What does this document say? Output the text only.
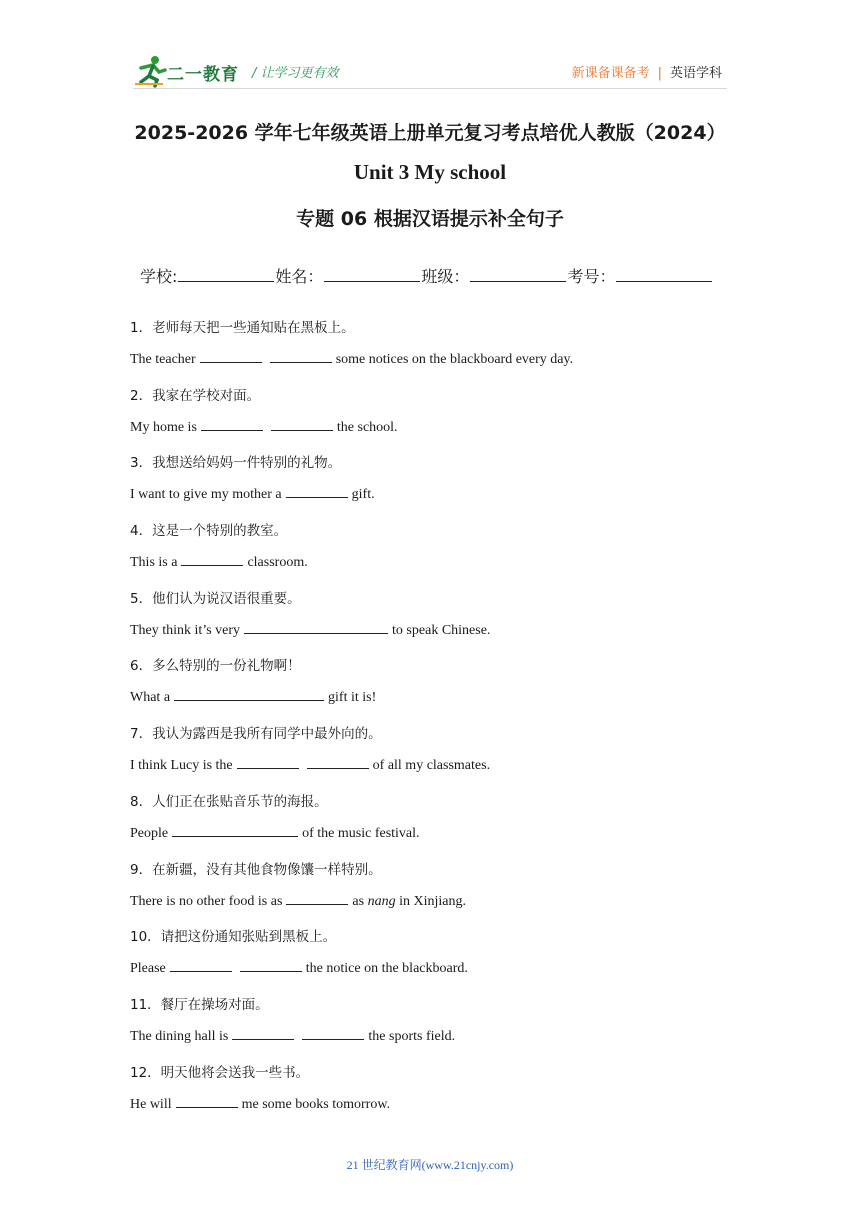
二一教育 / 让学习更有效	新课备课备考 | 英语学科
2025-2026 学年七年级英语上册单元复习考点培优人教版（2024）
Unit 3 My school
专题 06 根据汉语提示补全句子
学校:	姓名：	班级：	考号：
1．老师每天把一些通知贴在黑板上。
The teacher	some notices on the blackboard every day.
2．我家在学校对面。
My home is	the school.
3．我想送给妈妈一件特别的礼物。
I want to give my mother a	gift.
4．这是一个特别的教室。
This is a	classroom.
5．他们认为说汉语很重要。
They think it’s very	to speak Chinese.
6．多么特别的一份礼物啊！
What a	gift it is!
7．我认为露西是我所有同学中最外向的。
I think Lucy is the	of all my classmates.
8．人们正在张贴音乐节的海报。
People	of the music festival.
9．在新疆，没有其他食物像馕一样特别。
There is no other food is as	as nang in Xinjiang.
10．请把这份通知张贴到黑板上。
Please	the notice on the blackboard.
11．餐厅在操场对面。
The dining hall is	the sports field.
12．明天他将会送我一些书。
He will	me some books tomorrow.
21 世纪教育网(www.21cnjy.com)
